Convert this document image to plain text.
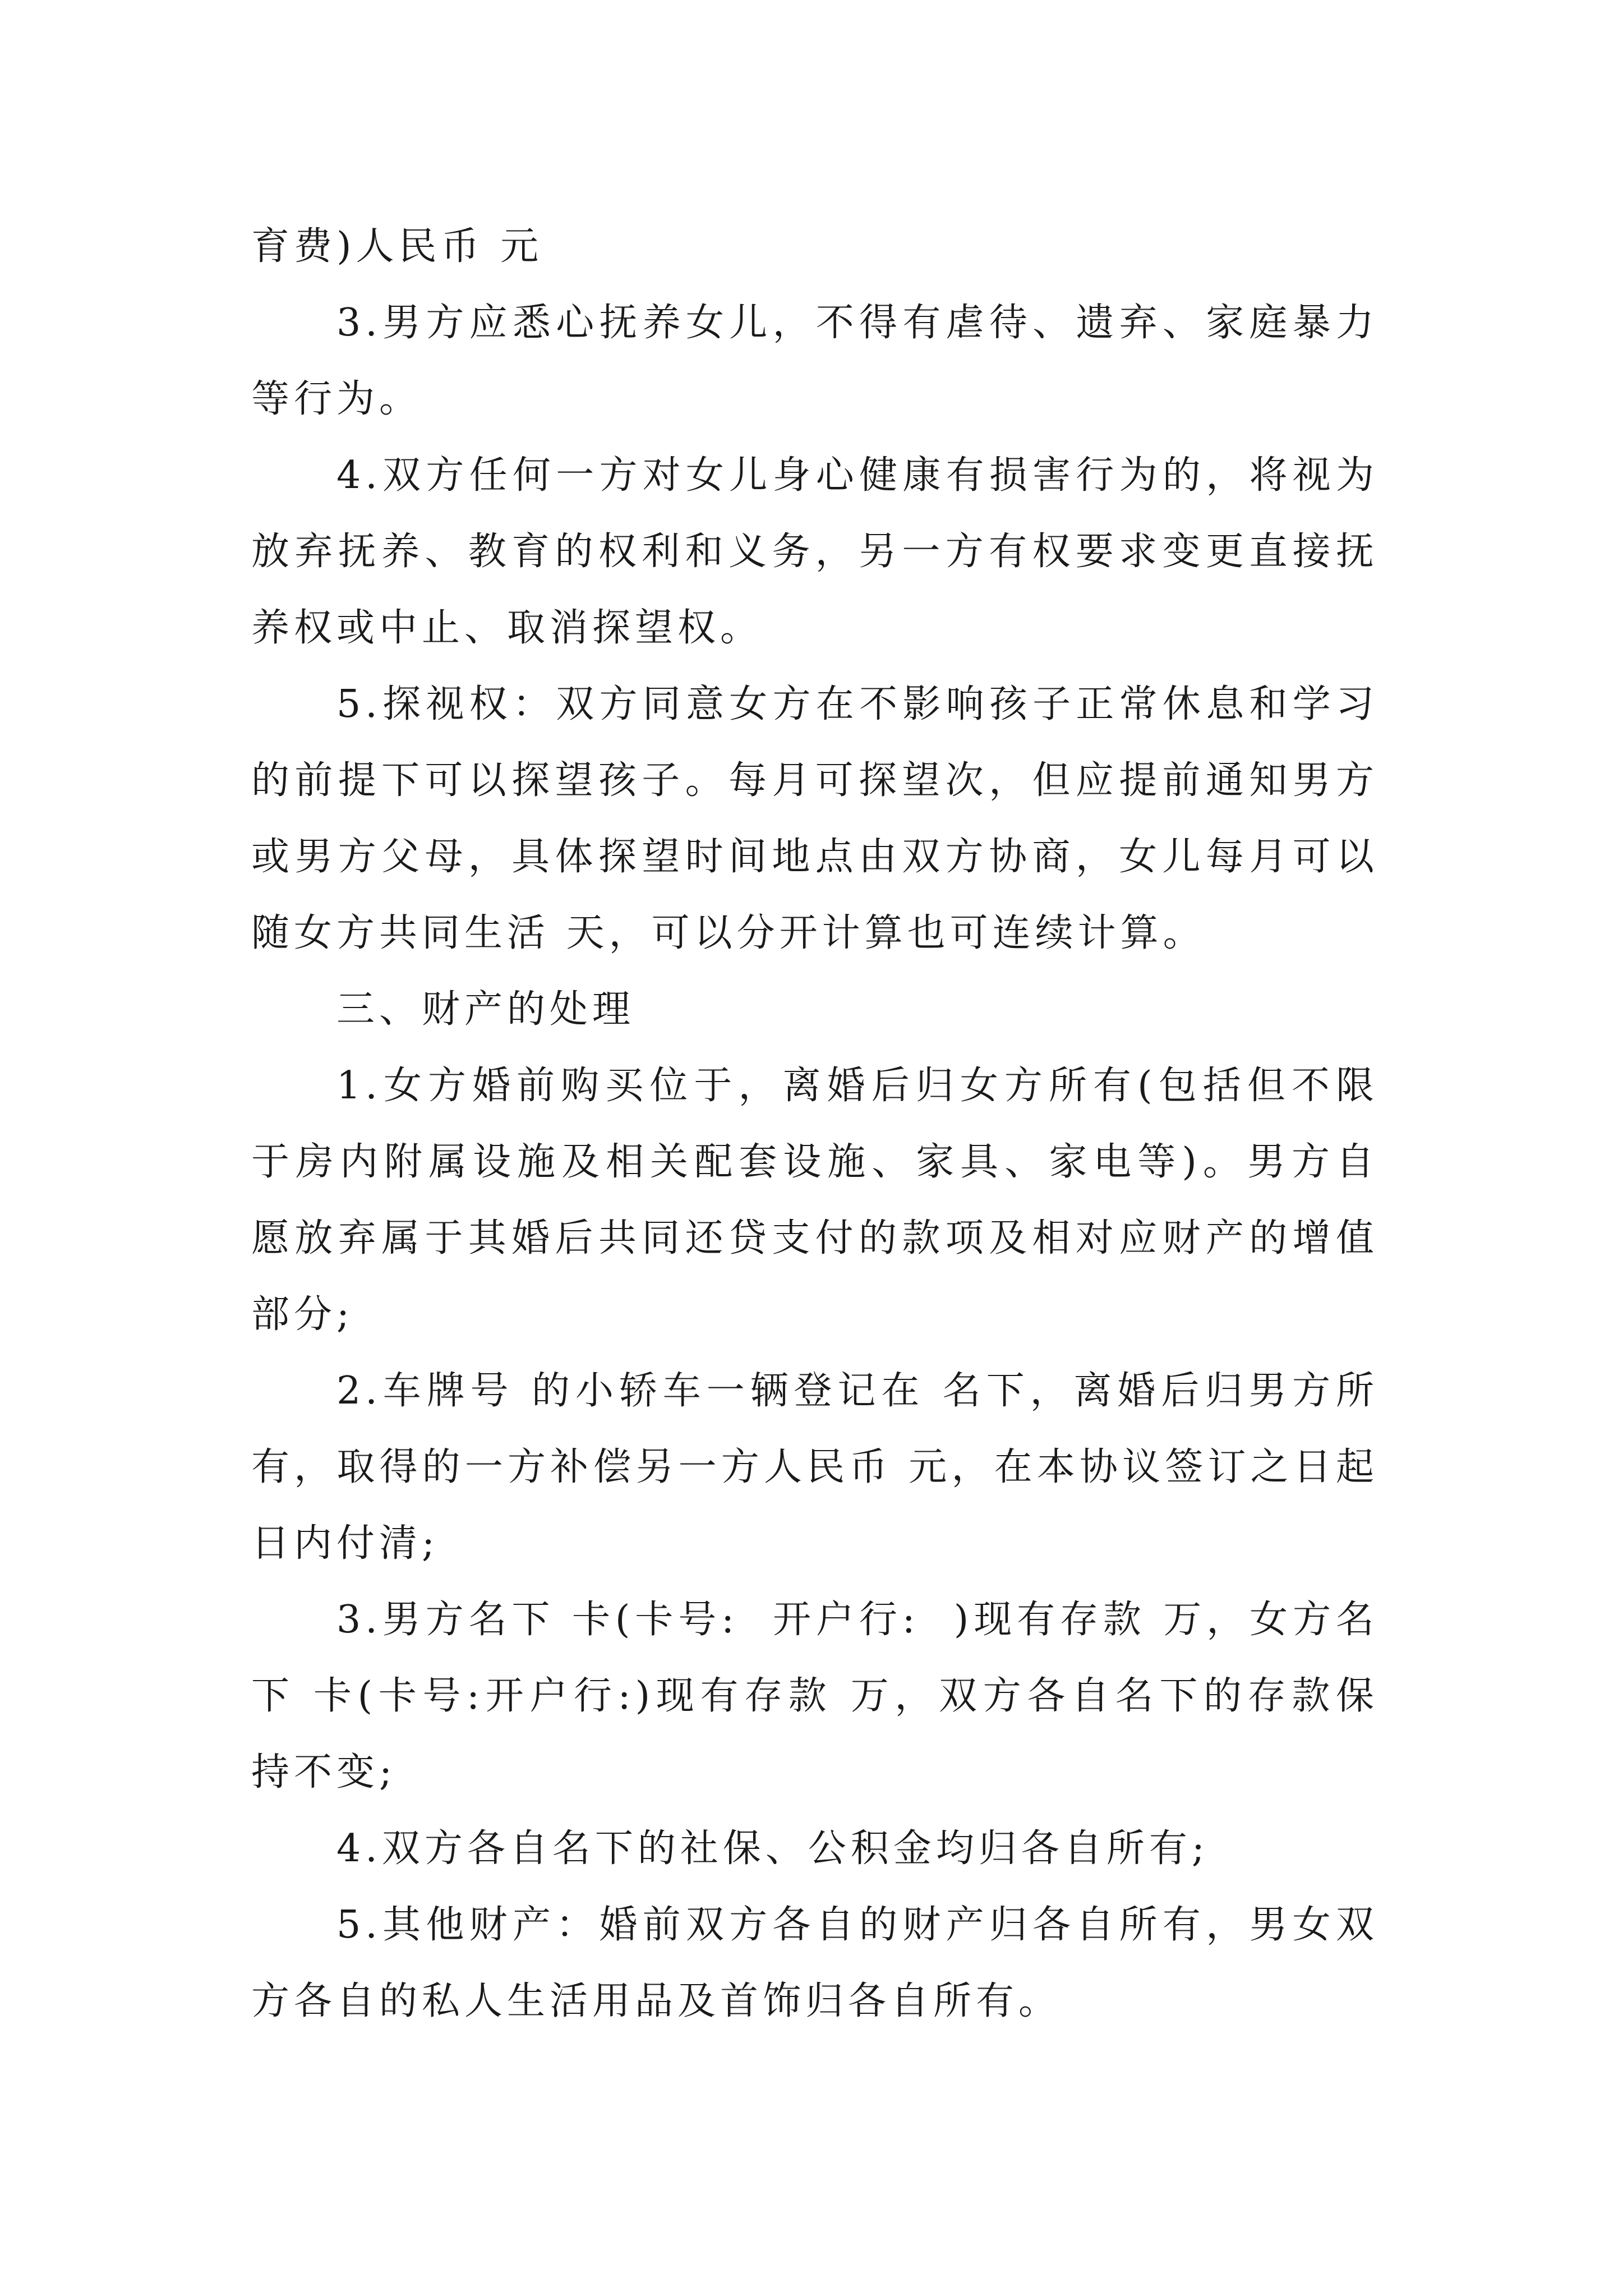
育费)人民币 元

3.男方应悉心抚养女儿，不得有虐待、遗弃、家庭暴力等行为。

4.双方任何一方对女儿身心健康有损害行为的，将视为放弃抚养、教育的权利和义务，另一方有权要求变更直接抚养权或中止、取消探望权。

5.探视权：双方同意女方在不影响孩子正常休息和学习的前提下可以探望孩子。每月可探望次，但应提前通知男方或男方父母，具体探望时间地点由双方协商，女儿每月可以随女方共同生活 天，可以分开计算也可连续计算。

三、财产的处理

1.女方婚前购买位于，离婚后归女方所有(包括但不限于房内附属设施及相关配套设施、家具、家电等)。男方自愿放弃属于其婚后共同还贷支付的款项及相对应财产的增值部分;

2.车牌号 的小轿车一辆登记在 名下，离婚后归男方所有，取得的一方补偿另一方人民币 元，在本协议签订之日起 日内付清;

3.男方名下 卡(卡号:  开户行:  )现有存款 万，女方名下 卡(卡号:开户行:)现有存款 万，双方各自名下的存款保持不变;

4.双方各自名下的社保、公积金均归各自所有;

5.其他财产：婚前双方各自的财产归各自所有，男女双方各自的私人生活用品及首饰归各自所有。
